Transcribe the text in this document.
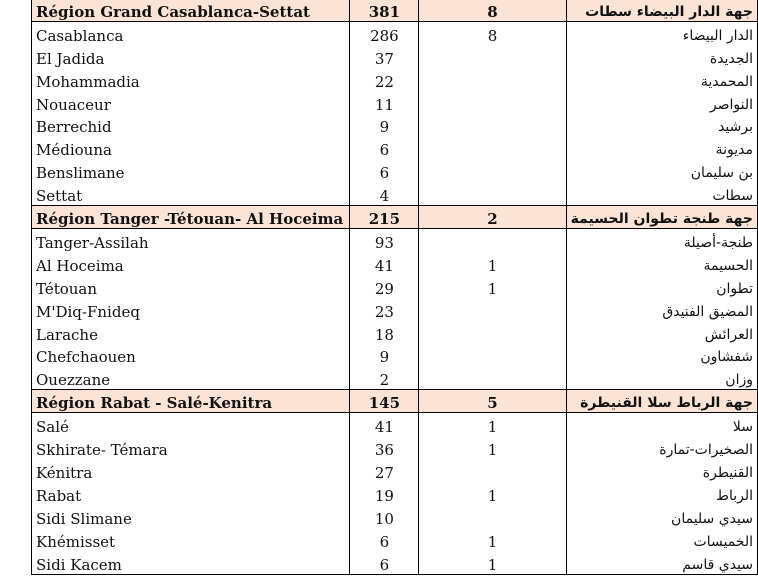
Région Grand Casablanca-Settat	381	8	جهة الدار البيضاء سطات
Casablanca	286	8	الدار البيضاء
El Jadida	37		الجديدة
Mohammadia	22		المحمدية
Nouaceur	11		النواصر
Berrechid	9		برشيد
Médiouna	6		مديونة
Benslimane	6		بن سليمان
Settat	4		سطات
Région Tanger -Tétouan- Al Hoceima	215	2	جهة طنجة تطوان الحسيمة
Tanger-Assilah	93		طنجة-أصيلة
Al Hoceima	41	1	الحسيمة
Tétouan	29	1	تطوان
M'Diq-Fnideq	23		المضيق الفنيدق
Larache	18		العرائش
Chefchaouen	9		شفشاون
Ouezzane	2		وزان
Région Rabat - Salé-Kenitra	145	5	جهة الرباط سلا القنيطرة
Salé	41	1	سلا
Skhirate- Témara	36	1	الصخيرات-تمارة
Kénitra	27		القنيطرة
Rabat	19	1	الرباط
Sidi Slimane	10		سيدي سليمان
Khémisset	6	1	الخميسات
Sidi Kacem	6	1	سيدي قاسم
